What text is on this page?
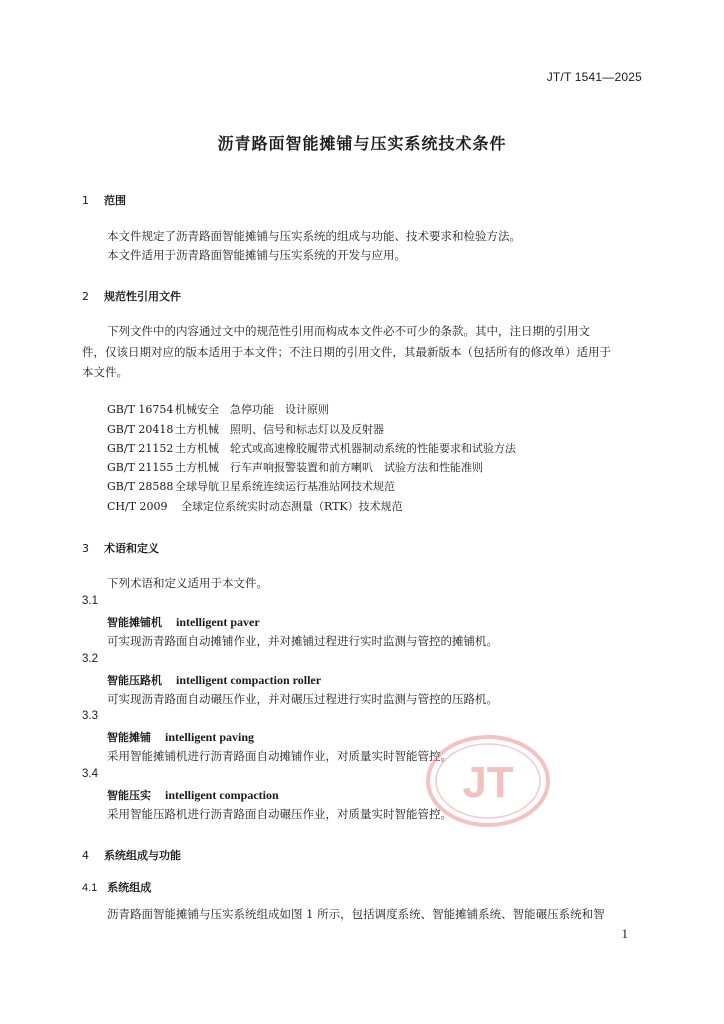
JT/T 1541—2025
沥青路面智能摊铺与压实系统技术条件
1 范围
本文件规定了沥青路面智能摊铺与压实系统的组成与功能、技术要求和检验方法。
本文件适用于沥青路面智能摊铺与压实系统的开发与应用。
2 规范性引用文件
下列文件中的内容通过文中的规范性引用而构成本文件必不可少的条款。其中，注日期的引用文
件，仅该日期对应的版本适用于本文件；不注日期的引用文件，其最新版本（包括所有的修改单）适用于
本文件。
GB/T 16754 机械安全　急停功能　设计原则
GB/T 20418 土方机械　照明、信号和标志灯以及反射器
GB/T 21152 土方机械　轮式或高速橡胶履带式机器制动系统的性能要求和试验方法
GB/T 21155 土方机械　行车声响报警装置和前方喇叭　试验方法和性能准则
GB/T 28588 全球导航卫星系统连续运行基准站网技术规范
CH/T 2009 全球定位系统实时动态测量（RTK）技术规范
3 术语和定义
下列术语和定义适用于本文件。
3.1
智能摊铺机 intelligent paver
可实现沥青路面自动摊铺作业，并对摊铺过程进行实时监测与管控的摊铺机。
3.2
智能压路机 intelligent compaction roller
可实现沥青路面自动碾压作业，并对碾压过程进行实时监测与管控的压路机。
3.3
智能摊铺 intelligent paving
采用智能摊铺机进行沥青路面自动摊铺作业，对质量实时智能管控。
3.4
智能压实 intelligent compaction
采用智能压路机进行沥青路面自动碾压作业，对质量实时智能管控。
JT
4 系统组成与功能
4.1 系统组成
沥青路面智能摊铺与压实系统组成如图 1 所示，包括调度系统、智能摊铺系统、智能碾压系统和智
1
